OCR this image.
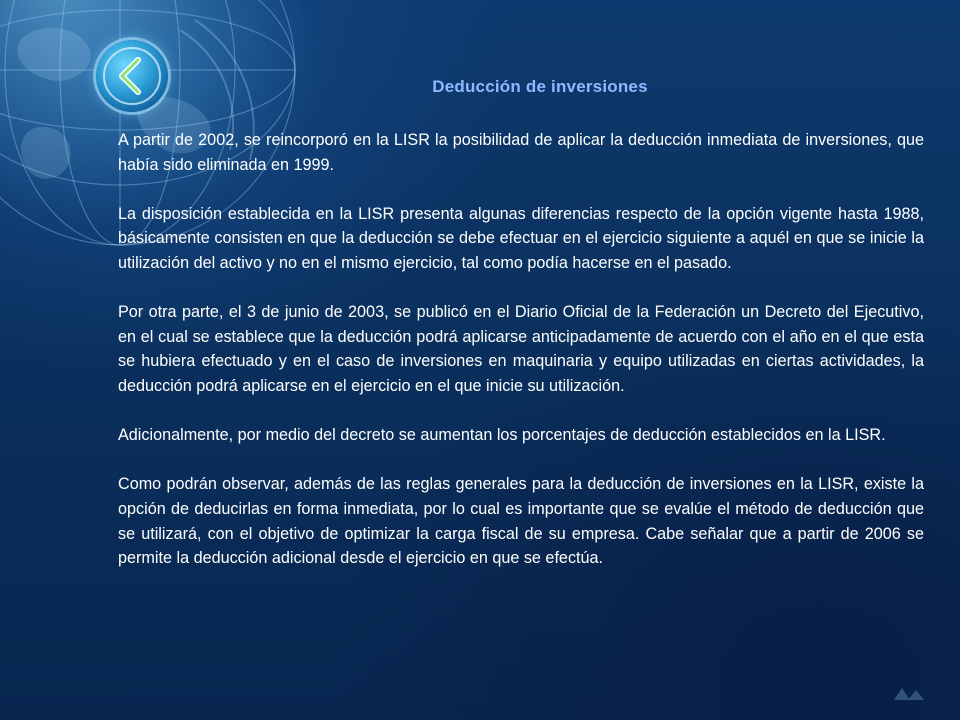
Deducción de inversiones

A partir de 2002, se reincorporó en la LISR la posibilidad de aplicar la deducción inmediata de inversiones, que había sido eliminada en 1999.

La disposición establecida en la LISR presenta algunas diferencias respecto de la opción vigente hasta 1988, básicamente consisten en que la deducción se debe efectuar en el ejercicio siguiente a aquél en que se inicie la utilización del activo y no en el mismo ejercicio, tal como podía hacerse en el pasado.

Por otra parte, el 3 de junio de 2003, se publicó en el Diario Oficial de la Federación un Decreto del Ejecutivo, en el cual se establece que la deducción podrá aplicarse anticipadamente de acuerdo con el año en el que esta se hubiera efectuado y en el caso de inversiones en maquinaria y equipo utilizadas en ciertas actividades, la deducción podrá aplicarse en el ejercicio en el que inicie su utilización.

Adicionalmente, por medio del decreto se aumentan los porcentajes de deducción establecidos en la LISR.

Como podrán observar, además de las reglas generales para la deducción de inversiones en la LISR, existe la opción de deducirlas en forma inmediata, por lo cual es importante que se evalúe el método de deducción que se utilizará, con el objetivo de optimizar la carga fiscal de su empresa. Cabe señalar que a partir de 2006 se permite la deducción adicional desde el ejercicio en que se efectúa.
